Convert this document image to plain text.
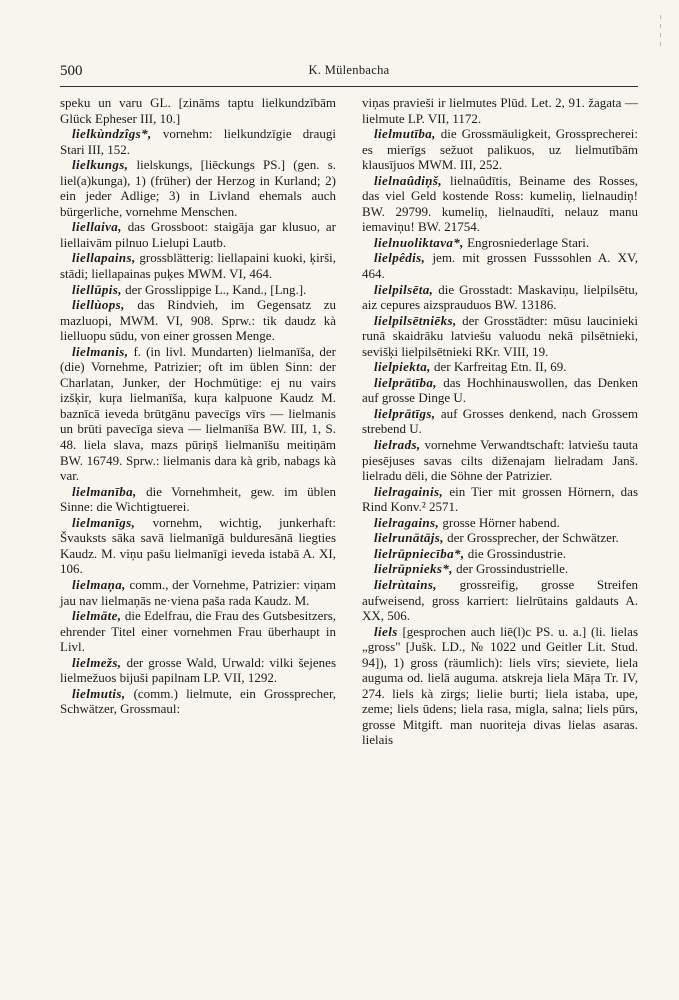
500	K. Mülenbacha

speku un varu GL. [zināms taptu lielkundzībām Glück Epheser III, 10.]

lielkùndzîgs*, vornehm: lielkundzīgie draugi Stari III, 152.

lielkungs, lielskungs, [liēckungs PS.] (gen. s. liel(a)kunga), 1) (früher) der Herzog in Kurland; 2) ein jeder Adlige; 3) in Livland ehemals auch bürgerliche, vornehme Menschen.

liellaiva, das Grossboot: staigāja gar klusuo, ar liellaivām pilnuo Lielupi Lautb.

liellapains, grossblätterig: liellapaini kuoki, ķirši, stādi; liellapainas puķes MWM. VI, 464.

liellūpis, der Grosslippige L., Kand., [Lng.].

liellùops, das Rindvieh, im Gegensatz zu mazluopi, MWM. VI, 908. Sprw.: tik daudz kà lielluopu sūdu, von einer grossen Menge.

lielmanis, f. (in livl. Mundarten) lielmanīša, der (die) Vornehme, Patrizier; oft im üblen Sinn: der Charlatan, Junker, der Hochmütige: ej nu vairs izšķir, kuŗa lielmanīša, kuŗa kalpuone Kaudz M. baznīcā ieveda brūtgānu pavecīgs vīrs — lielmanis un brūti pavecīga sieva — lielmanīša BW. III, 1, S. 48. liela slava, mazs pūriņš lielmanīšu meitiņām BW. 16749. Sprw.: lielmanis dara kà grib, nabags kà var.

lielmanība, die Vornehmheit, gew. im üblen Sinne: die Wichtigtuerei.

lielmanīgs, vornehm, wichtig, junkerhaft: Švauksts sāka savā lielmanīgā bulduresānā liegties Kaudz. M. viņu pašu lielmanīgi ieveda istabā A. XI, 106.

lielmaņa, comm., der Vornehme, Patrizier: viņam jau nav lielmaņās ne·viena paša rada Kaudz. M.

lielmāte, die Edelfrau, die Frau des Gutsbesitzers, ehrender Titel einer vornehmen Frau überhaupt in Livl.

lielmežs, der grosse Wald, Urwald: vilki šejenes lielmežuos bijuši papilnam LP. VII, 1292.

lielmutis, (comm.) lielmute, ein Grossprecher, Schwätzer, Grossmaul:

viņas pravieši ir lielmutes Plūd. Let. 2, 91. žagata — lielmute LP. VII, 1172.

lielmutība, die Grossmäuligkeit, Grossprecherei: es mierīgs sežuot palikuos, uz lielmutībām klausījuos MWM. III, 252.

lielnaûdiņš, lielnaûdītis, Beiname des Rosses, das viel Geld kostende Ross: kumeliņ, lielnaudiņ! BW. 29799. kumeliņ, lielnaudīti, nelauz manu iemaviņu! BW. 21754.

lielnuoliktava*, Engrosniederlage Stari.

lielpêdis, jem. mit grossen Fusssohlen A. XV, 464.

lielpilsēta, die Grosstadt: Maskaviņu, lielpilsētu, aiz cepures aizsprauduos BW. 13186.

lielpilsētniēks, der Grosstädter: mūsu laucinieki runā skaidrāku latviešu valuodu nekā pilsētnieki, sevišķi lielpilsētnieki RKr. VIII, 19.

lielpiekta, der Karfreitag Etn. II, 69.

lielprātība, das Hochhinauswollen, das Denken auf grosse Dinge U.

lielprātīgs, auf Grosses denkend, nach Grossem strebend U.

lielrads, vornehme Verwandtschaft: latviešu tauta piesējuses savas cilts diženajam lielradam Janš. lielradu dēli, die Söhne der Patrizier.

lielragainis, ein Tier mit grossen Hörnern, das Rind Konv.² 2571.

lielragains, grosse Hörner habend.

lielrunātājs, der Grossprecher, der Schwätzer.

lielrūpniecība*, die Grossindustrie.

lielrūpnieks*, der Grossindustrielle.

lielrùtains, grossreifig, grosse Streifen aufweisend, gross karriert: lielrūtains galdauts A. XX, 506.

liels [gesprochen auch liē(l)c PS. u. a.] (li. lielas „gross" [Jušk. LD., № 1022 und Geitler Lit. Stud. 94]), 1) gross (räumlich): liels vīrs; sieviete, liela auguma od. lielā auguma. atskreja liela Māŗa Tr. IV, 274. liels kà zirgs; lielie burti; liela istaba, upe, zeme; liels ūdens; liela rasa, migla, salna; liels pūrs, grosse Mitgift. man nuoriteja divas lielas asaras. lielais
